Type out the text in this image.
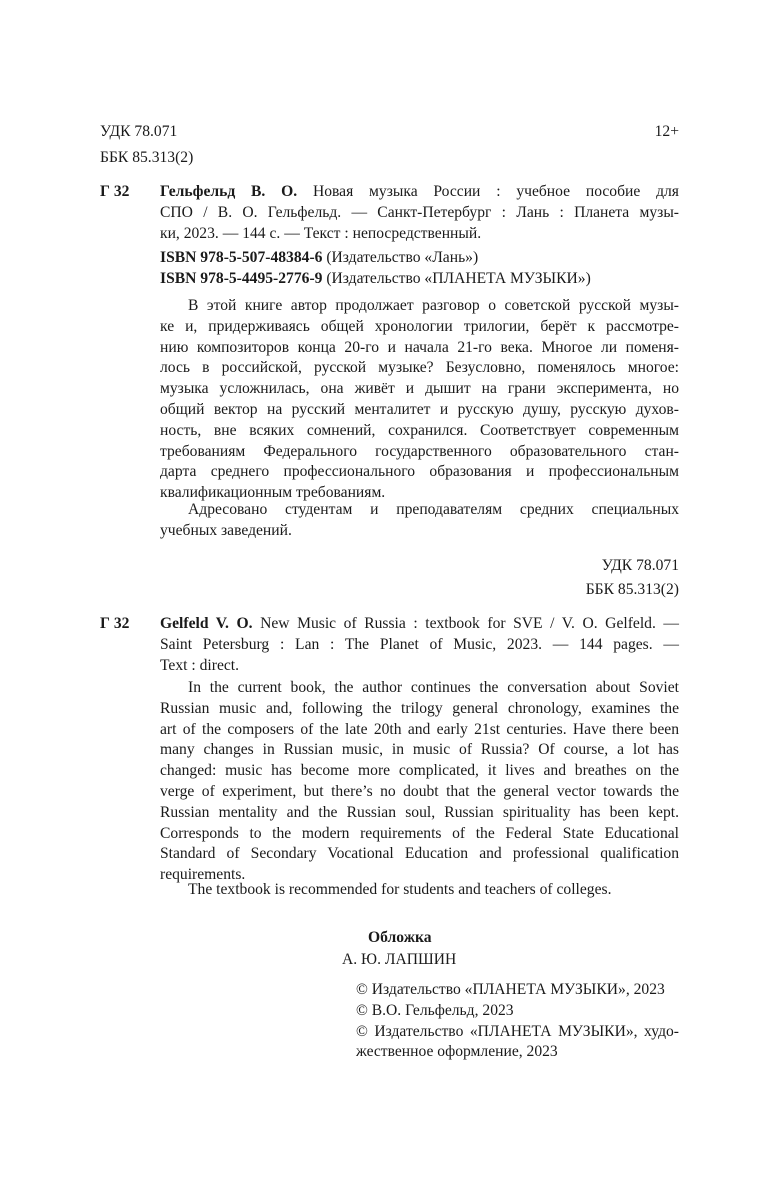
УДК 78.071
ББК 85.313(2)
12+
Г 32 Гельфельд В. О. Новая музыка России : учебное пособие для

СПО / В. О. Гельфельд. — Санкт-Петербург : Лань : Планета музы-

ки, 2023. — 144 с. — Текст : непосредственный.

ISBN 978-5-507-48384-6 (Издательство «Лань»)

ISBN 978-5-4495-2776-9 (Издательство «ПЛАНЕТА МУЗЫКИ»)

В этой книге автор продолжает разговор о советской русской музы-

ке и, придерживаясь общей хронологии трилогии, берёт к рассмотре-

нию композиторов конца 20-го и начала 21-го века. Многое ли поменя-

лось в российской, русской музыке? Безусловно, поменялось многое:

музыка усложнилась, она живёт и дышит на грани эксперимента, но

общий вектор на русский менталитет и русскую душу, русскую духов-

ность, вне всяких сомнений, сохранился. Соответствует современным

требованиям Федерального государственного образовательного стан-

дарта среднего профессионального образования и профессиональным

квалификационным требованиям.

Адресовано студентам и преподавателям средних специальных

учебных заведений.

УДК 78.071
ББК 85.313(2)
Г 32 Gelfeld V. O. New Music of Russia : textbook for SVE / V. O. Gelfeld. —

Saint Petersburg : Lan : The Planet of Music, 2023. — 144 pages. —

Text : direct.

In the current book, the author continues the conversation about Soviet

Russian music and, following the trilogy general chronology, examines the

art of the composers of the late 20th and early 21st centuries. Have there been

many changes in Russian music, in music of Russia? Of course, a lot has

changed: music has become more complicated, it lives and breathes on the

verge of experiment, but there’s no doubt that the general vector towards the

Russian mentality and the Russian soul, Russian spirituality has been kept.

Corresponds to the modern requirements of the Federal State Educational

Standard of Secondary Vocational Education and professional qualification

requirements.

The textbook is recommended for students and teachers of colleges.
Обложка
А. Ю. ЛАПШИН

© Издательство «ПЛАНЕТА МУЗЫКИ», 2023

© В.О. Гельфельд, 2023

© Издательство «ПЛАНЕТА МУЗЫКИ», худо-

жественное оформление, 2023
